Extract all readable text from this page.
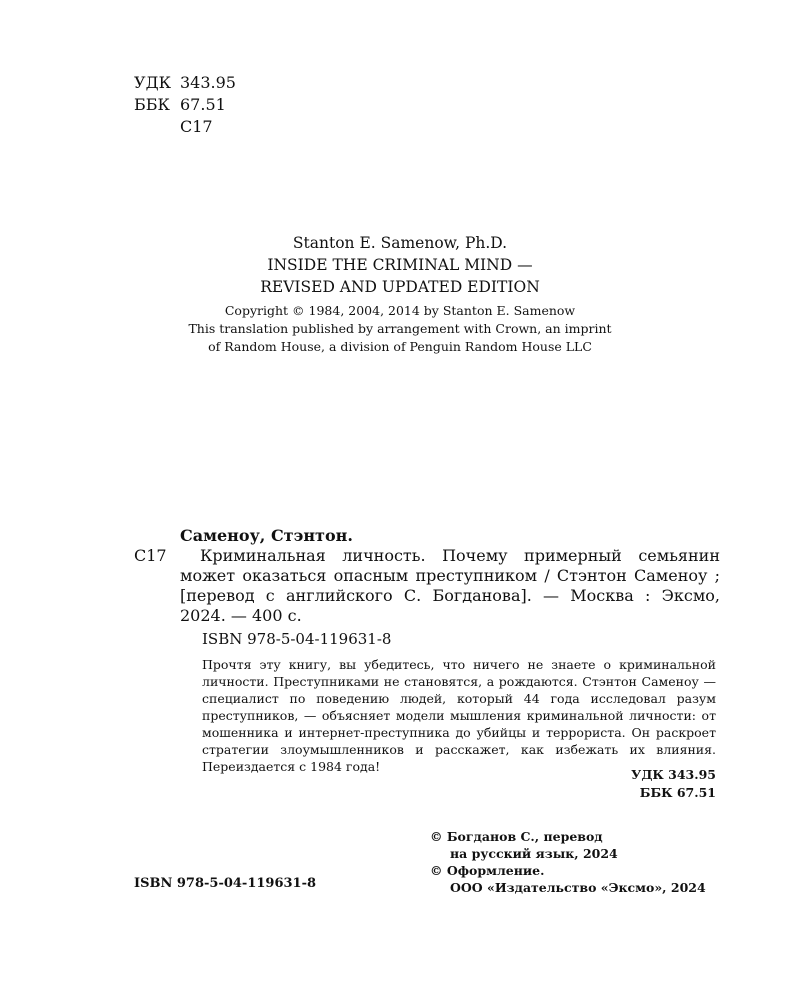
УДК 343.95
ББК 67.51
С17
Stanton E. Samenow, Ph.D.
INSIDE THE CRIMINAL MIND —
REVISED AND UPDATED EDITION
Copyright © 1984, 2004, 2014 by Stanton E. Samenow
This translation published by arrangement with Crown, an imprint
of Random House, a division of Penguin Random House LLC
Саменоу, Стэнтон.
С17	Криминальная личность. Почему примерный семьянин может оказаться опасным преступником / Стэнтон Саменоу ; [перевод с английского С. Богданова]. — Москва : Эксмо, 2024. — 400 с.
ISBN 978-5-04-119631-8
Прочтя эту книгу, вы убедитесь, что ничего не знаете о криминальной личности. Преступниками не становятся, а рождаются. Стэнтон Саменоу — специалист по поведению людей, который 44 года исследовал разум преступников, — объясняет модели мышления криминальной личности: от мошенника и интернет-преступника до убийцы и террориста. Он раскроет стратегии злоумышленников и расскажет, как избежать их влияния. Переиздается с 1984 года!
УДК 343.95
ББК 67.51
ISBN 978-5-04-119631-8
© Богданов С., перевод
на русский язык, 2024
© Оформление.
ООО «Издательство «Эксмо», 2024
